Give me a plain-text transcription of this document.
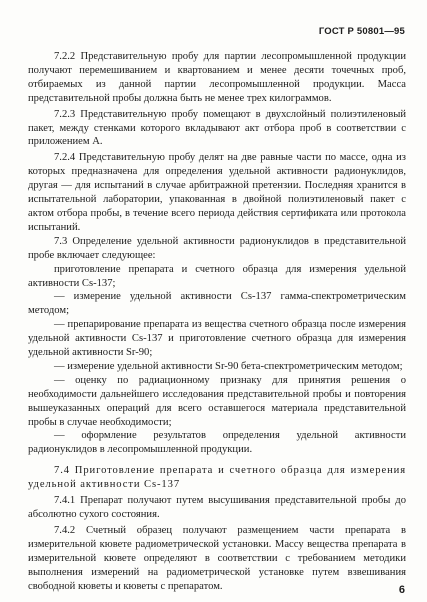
ГОСТ Р 50801—95

7.2.2 Представительную пробу для партии лесопромышленной продукции получают перемешиванием и квартованием и менее десяти точечных проб, отбираемых из данной партии лесопромышленной продукции. Масса представительной пробы должна быть не менее трех килограммов.

7.2.3 Представительную пробу помещают в двухслойный полиэтиленовый пакет, между стенками которого вкладывают акт отбора проб в соответствии с приложением А.

7.2.4 Представительную пробу делят на две равные части по массе, одна из которых предназначена для определения удельной активности радионуклидов, другая — для испытаний в случае арбитражной претензии. Последняя хранится в испытательной лаборатории, упакованная в двойной полиэтиленовый пакет с актом отбора пробы, в течение всего периода действия сертификата или протокола испытаний.

7.3 Определение удельной активности радионуклидов в представительной пробе включает следующее:

приготовление препарата и счетного образца для измерения удельной активности Cs-137;

— измерение удельной активности Cs-137 гамма-спектрометрическим методом;

— препарирование препарата из вещества счетного образца после измерения удельной активности Cs-137 и приготовление счетного образца для измерения удельной активности Sr-90;

— измерение удельной активности Sr-90 бета-спектрометрическим методом;

— оценку по радиационному признаку для принятия решения о необходимости дальнейшего исследования представительной пробы и повторения вышеуказанных операций для всего оставшегося материала представительной пробы в случае необходимости;

— оформление результатов определения удельной активности радионуклидов в лесопромышленной продукции.

7.4 Приготовление препарата и счетного образца для измерения удельной активности Cs-137

7.4.1 Препарат получают путем высушивания представительной пробы до абсолютно сухого состояния.

7.4.2 Счетный образец получают размещением части препарата в измерительной кювете радиометрической установки. Массу вещества препарата в измерительной кювете определяют в соответствии с требованием методики выполнения измерений на радиометрической установке путем взвешивания свободной кюветы и кюветы с препаратом.	6
